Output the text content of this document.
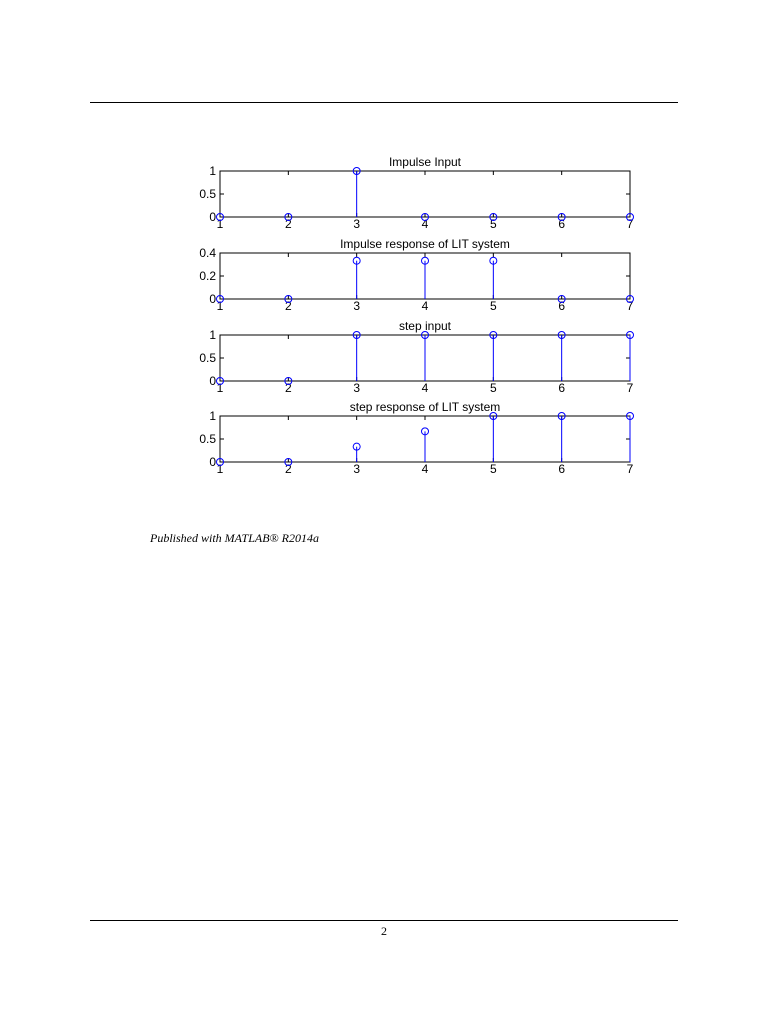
Impulse Input
0
0.5
1
1	2	3	4	5	6	7
Impulse response of LIT system
0
0.2
0.4
1	2	3	4	5	6	7
step input
0
0.5
1
1	2	3	4	5	6	7
step response of LIT system
0
0.5
1
1	2	3	4	5	6	7
Published with MATLAB® R2014a
2
